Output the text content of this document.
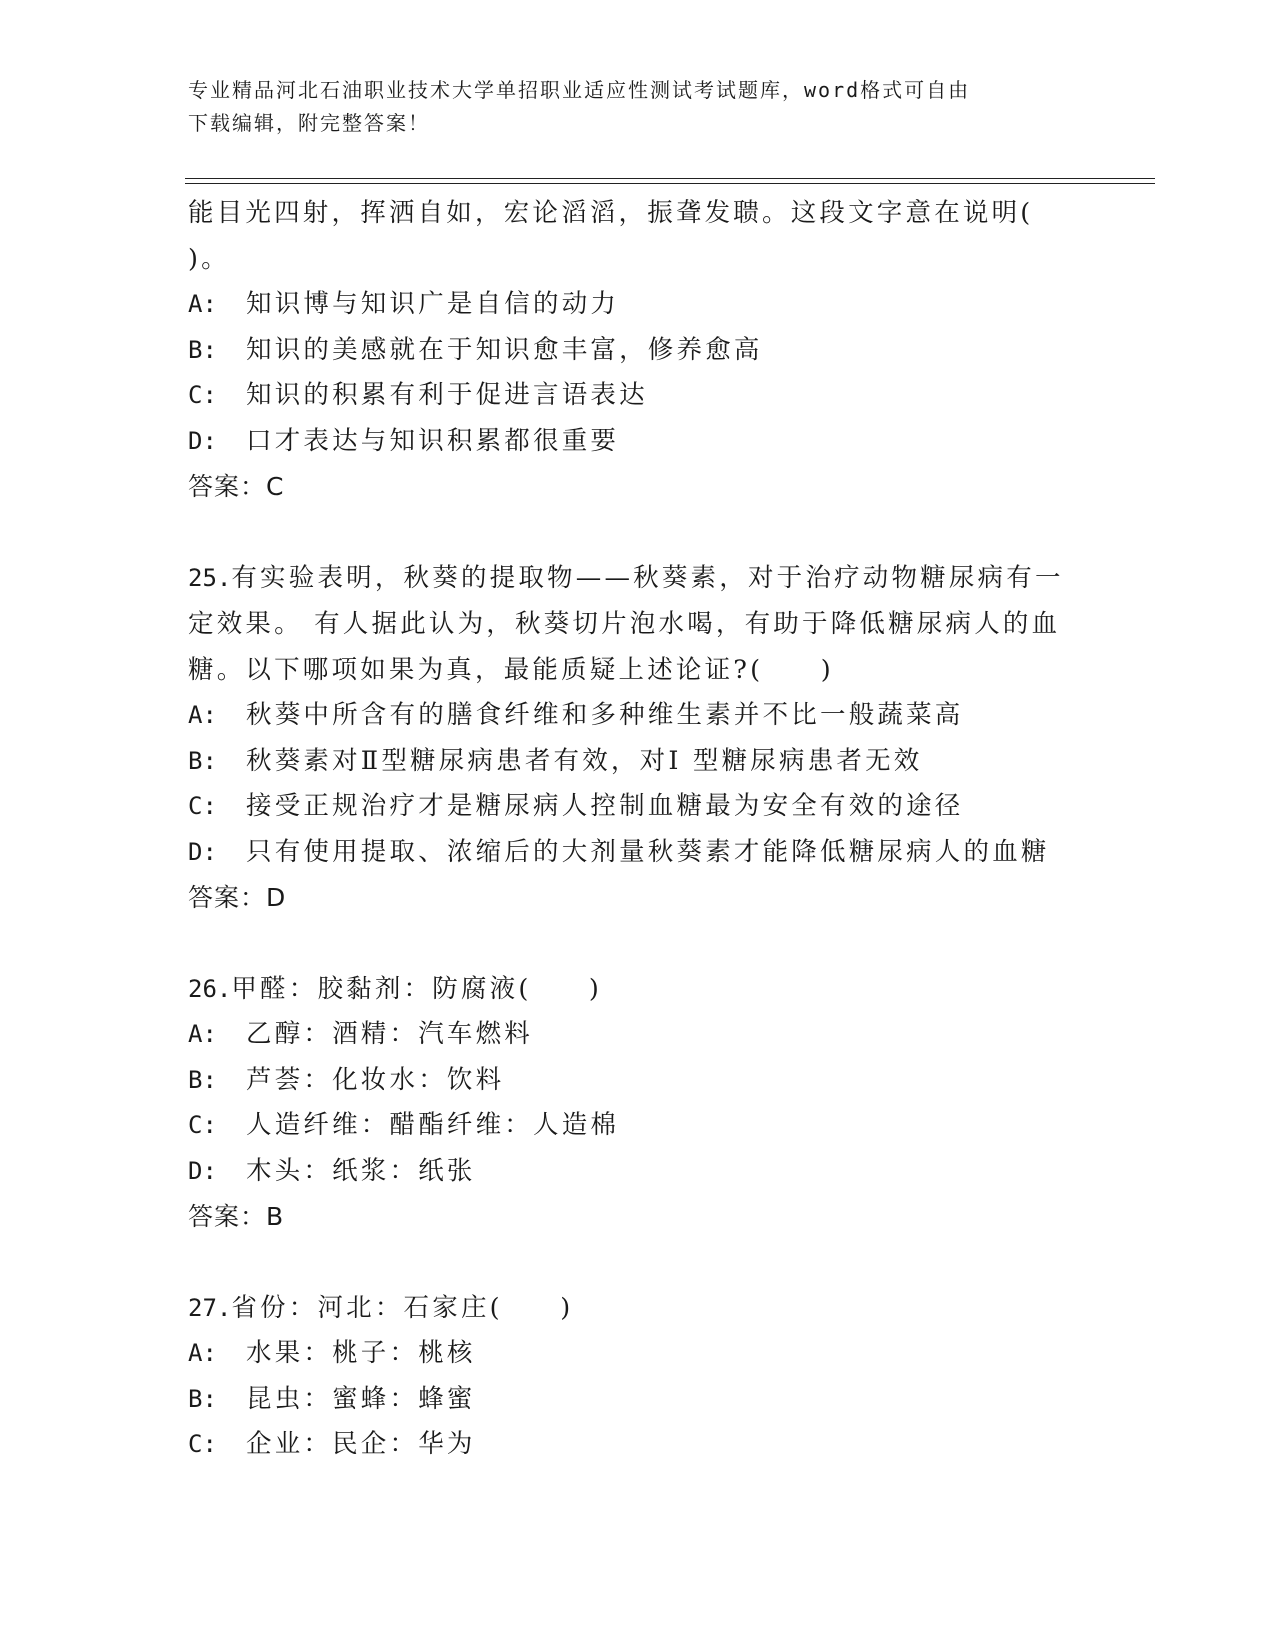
专业精品河北石油职业技术大学单招职业适应性测试考试题库，word格式可自由
下载编辑，附完整答案！
能目光四射，挥洒自如，宏论滔滔，振聋发聩。这段文字意在说明(
)。
A: 知识博与知识广是自信的动力
B: 知识的美感就在于知识愈丰富，修养愈高
C: 知识的积累有利于促进言语表达
D: 口才表达与知识积累都很重要
答案：C
25.有实验表明，秋葵的提取物——秋葵素，对于治疗动物糖尿病有一
定效果。 有人据此认为，秋葵切片泡水喝，有助于降低糖尿病人的血
糖。以下哪项如果为真，最能质疑上述论证?(　　)
A: 秋葵中所含有的膳食纤维和多种维生素并不比一般蔬菜高
B: 秋葵素对Ⅱ型糖尿病患者有效，对Ⅰ 型糖尿病患者无效
C: 接受正规治疗才是糖尿病人控制血糖最为安全有效的途径
D: 只有使用提取、浓缩后的大剂量秋葵素才能降低糖尿病人的血糖
答案：D
26.甲醛：胶黏剂：防腐液(　　)
A: 乙醇：酒精：汽车燃料
B: 芦荟：化妆水：饮料
C: 人造纤维：醋酯纤维：人造棉
D: 木头：纸浆：纸张
答案：B
27.省份：河北：石家庄(　　)
A: 水果：桃子：桃核
B: 昆虫：蜜蜂：蜂蜜
C: 企业：民企：华为
